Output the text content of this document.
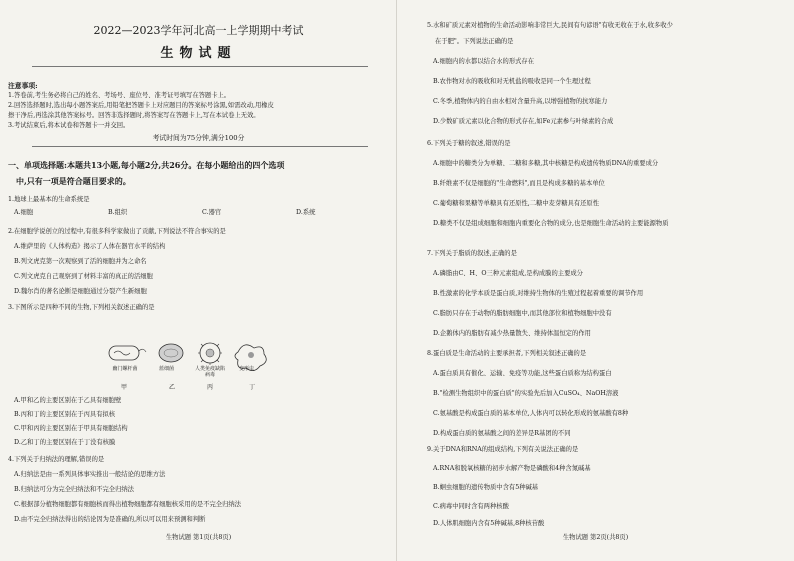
2022—2023学年河北高一上学期期中考试
生物试题
注意事项:
1.答卷前,考生务必将自己的姓名、考场号、座位号、准考证号填写在答题卡上。
2.回答选择题时,选出每小题答案后,用铅笔把答题卡上对应题目的答案标号涂黑,如需改动,用橡皮
擦干净后,再选涂其他答案标号。回答非选择题时,将答案写在答题卡上,写在本试卷上无效。
3.考试结束后,将本试卷和答题卡一并交回。
考试时间为75分钟,满分100分
一、单项选择题:本题共13小题,每小题2分,共26分。在每小题给出的四个选项
中,只有一项是符合题目要求的。
1.地球上最基本的生命系统是
A.细胞	B.组织	C.器官	D.系统
2.在细胞学说创立的过程中,有很多科学家做出了贡献,下列说法不符合事实的是
A.维萨里的《人体构造》揭示了人体在器官水平的结构
B.列文虎克第一次观察到了活的细胞并为之命名
C.列文虎克自己观察到了材料丰富的真正的活细胞
D.魏尔肖的著名论断是细胞通过分裂产生新细胞
3.下图所示是四种不同的生物,下列相关叙述正确的是
幽门螺杆菌	蓝细菌	人类免疫缺陷病毒
变形虫
甲	乙	丙	丁
A.甲和乙的主要区别在于乙具有细胞壁
B.丙和丁的主要区别在于丙具有拟核
C.甲和丙的主要区别在于甲具有细胞结构
D.乙和丁的主要区别在于丁没有核膜
4.下列关于归纳法的理解,错误的是
A.归纳法是由一系列具体事实推出一般结论的思维方法
B.归纳法可分为完全归纳法和不完全归纳法
C.根据部分植物细胞都有细胞核而得出植物细胞都有细胞核采用的是不完全归纳法
D.由不完全归纳法得出的结论因为是准确的,所以可以用来预测和判断
生物试题 第1页(共8页)
5.水和矿质元素对植物的生命活动影响非常巨大,民间有句谚语"有收无收在于水,收多收少
在于肥"。下列说法正确的是
A.细胞内的水都以结合水的形式存在
B.农作物对水的吸收和对无机盐的吸收是同一个生理过程
C.冬季,植物体内的自由水相对含量升高,以增强植物的抗寒能力
D.少数矿质元素以化合物的形式存在,如Fe元素参与叶绿素的合成
6.下列关于糖的叙述,错误的是
A.细胞中的糖类分为单糖、二糖和多糖,其中核糖是构成遗传物质DNA的重要成分
B.纤维素不仅是细胞的"生命燃料",而且是构成多糖的基本单位
C.葡萄糖和果糖等单糖具有还原性,二糖中麦芽糖具有还原性
D.糖类不仅是组成细胞和细胞内重要化合物的成分,也是细胞生命活动的主要能源物质
7.下列关于脂质的叙述,正确的是
A.磷脂由C、H、O三种元素组成,是构成膜的主要成分
B.性激素的化学本质是蛋白质,对维持生物体的生殖过程起着重要的调节作用
C.脂肪只存在于动物的脂肪细胞中,而其他部位和植物细胞中没有
D.企鹅体内的脂肪有减少热量散失、维持体温恒定的作用
8.蛋白质是生命活动的主要承担者,下列相关叙述正确的是
A.蛋白质具有催化、运输、免疫等功能,这些蛋白质称为结构蛋白
B."检测生物组织中的蛋白质"的实验先后加入CuSO₄、NaOH溶液
C.氨基酸是构成蛋白质的基本单位,人体内可以转化形成的氨基酸有8种
D.构成蛋白质的氨基酸之间的差异是R基团的不同
9.关于DNA和RNA的组成结构,下列有关说法正确的是
A.RNA和脱氧核糖的初步水解产物是磷酸和4种含氮碱基
B.蛔虫细胞的遗传物质中含有5种碱基
C.病毒中同时含有两种核酸
D.人体肌细胞内含有5种碱基,8种核苷酸
生物试题 第2页(共8页)
